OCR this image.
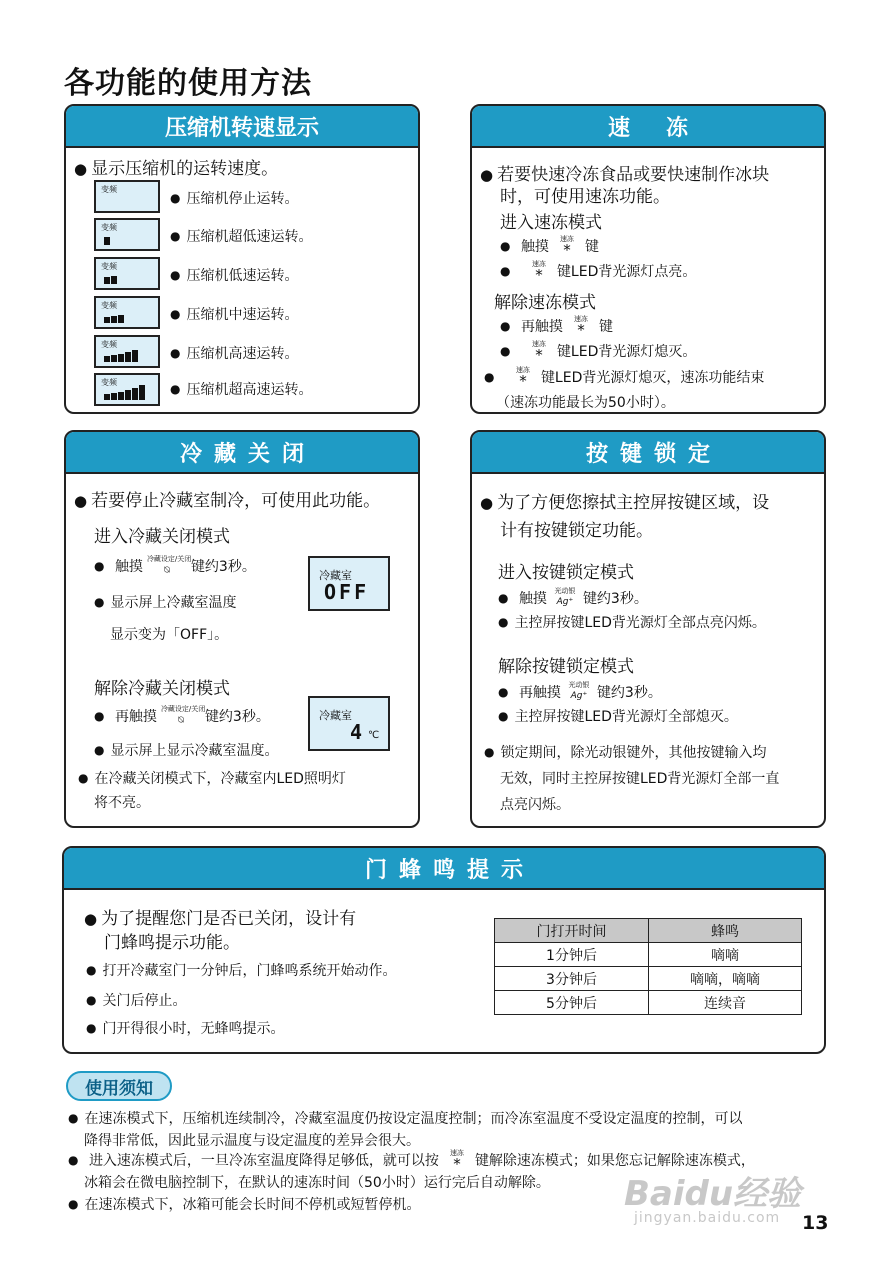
各功能的使用方法
压缩机转速显示
● 显示压缩机的运转速度。
变频
● 压缩机停止运转。
变频
● 压缩机超低速运转。
变频
● 压缩机低速运转。
变频
● 压缩机中速运转。
变频
● 压缩机高速运转。
变频	● 压缩机超高速运转。
速冻
● 若要快速冷冻食品或要快速制作冰块
时，可使用速冻功能。
进入速冻模式
● 触摸	速冻
*	键

● 速冻
*	键LED背光源灯点亮。
解除速冻模式
● 再触摸	速冻
*	键

● 速冻
*	键LED背光源灯熄灭。

● 速冻
*	键LED背光源灯熄灭，速冻功能结束
（速冻功能最长为50小时）。
冷藏关闭
● 若要停止冷藏室制冷，可使用此功能。
进入冷藏关闭模式
● 触摸 冷藏设定/关闭
⍉	键约3秒。
● 显示屏上冷藏室温度
显示变为「OFF」。
冷藏室
OFF
解除冷藏关闭模式
● 再触摸 冷藏设定/关闭
⍉	键约3秒。
● 显示屏上显示冷藏室温度。
冷藏室
4 ℃
● 在冷藏关闭模式下，冷藏室内LED照明灯
将不亮。
按键锁定
● 为了方便您擦拭主控屏按键区域，设
计有按键锁定功能。
进入按键锁定模式
● 触摸	光动银
Ag⁺ 键约3秒。
● 主控屏按键LED背光源灯全部点亮闪烁。
解除按键锁定模式
● 再触摸	光动银
Ag⁺ 键约3秒。
● 主控屏按键LED背光源灯全部熄灭。
● 锁定期间，除光动银键外，其他按键输入均
无效，同时主控屏按键LED背光源灯全部一直
点亮闪烁。
门蜂鸣提示
● 为了提醒您门是否已关闭，设计有
门蜂鸣提示功能。
● 打开冷藏室门一分钟后，门蜂鸣系统开始动作。
● 关门后停止。
● 门开得很小时，无蜂鸣提示。
门打开时间	蜂鸣
1分钟后	嘀嘀
3分钟后	嘀嘀，嘀嘀
5分钟后	连续音
使用须知
● 在速冻模式下，压缩机连续制冷，冷藏室温度仍按设定温度控制；而冷冻室温度不受设定温度的控制，可以
降得非常低，因此显示温度与设定温度的差异会很大。
● 进入速冻模式后，一旦冷冻室温度降得足够低，就可以按	速冻
*	键解除速冻模式；如果您忘记解除速冻模式，
冰箱会在微电脑控制下，在默认的速冻时间（50小时）运行完后自动解除。
● 在速冻模式下，冰箱可能会长时间不停机或短暂停机。	Baidu经验
jingyan.baidu.com 13
